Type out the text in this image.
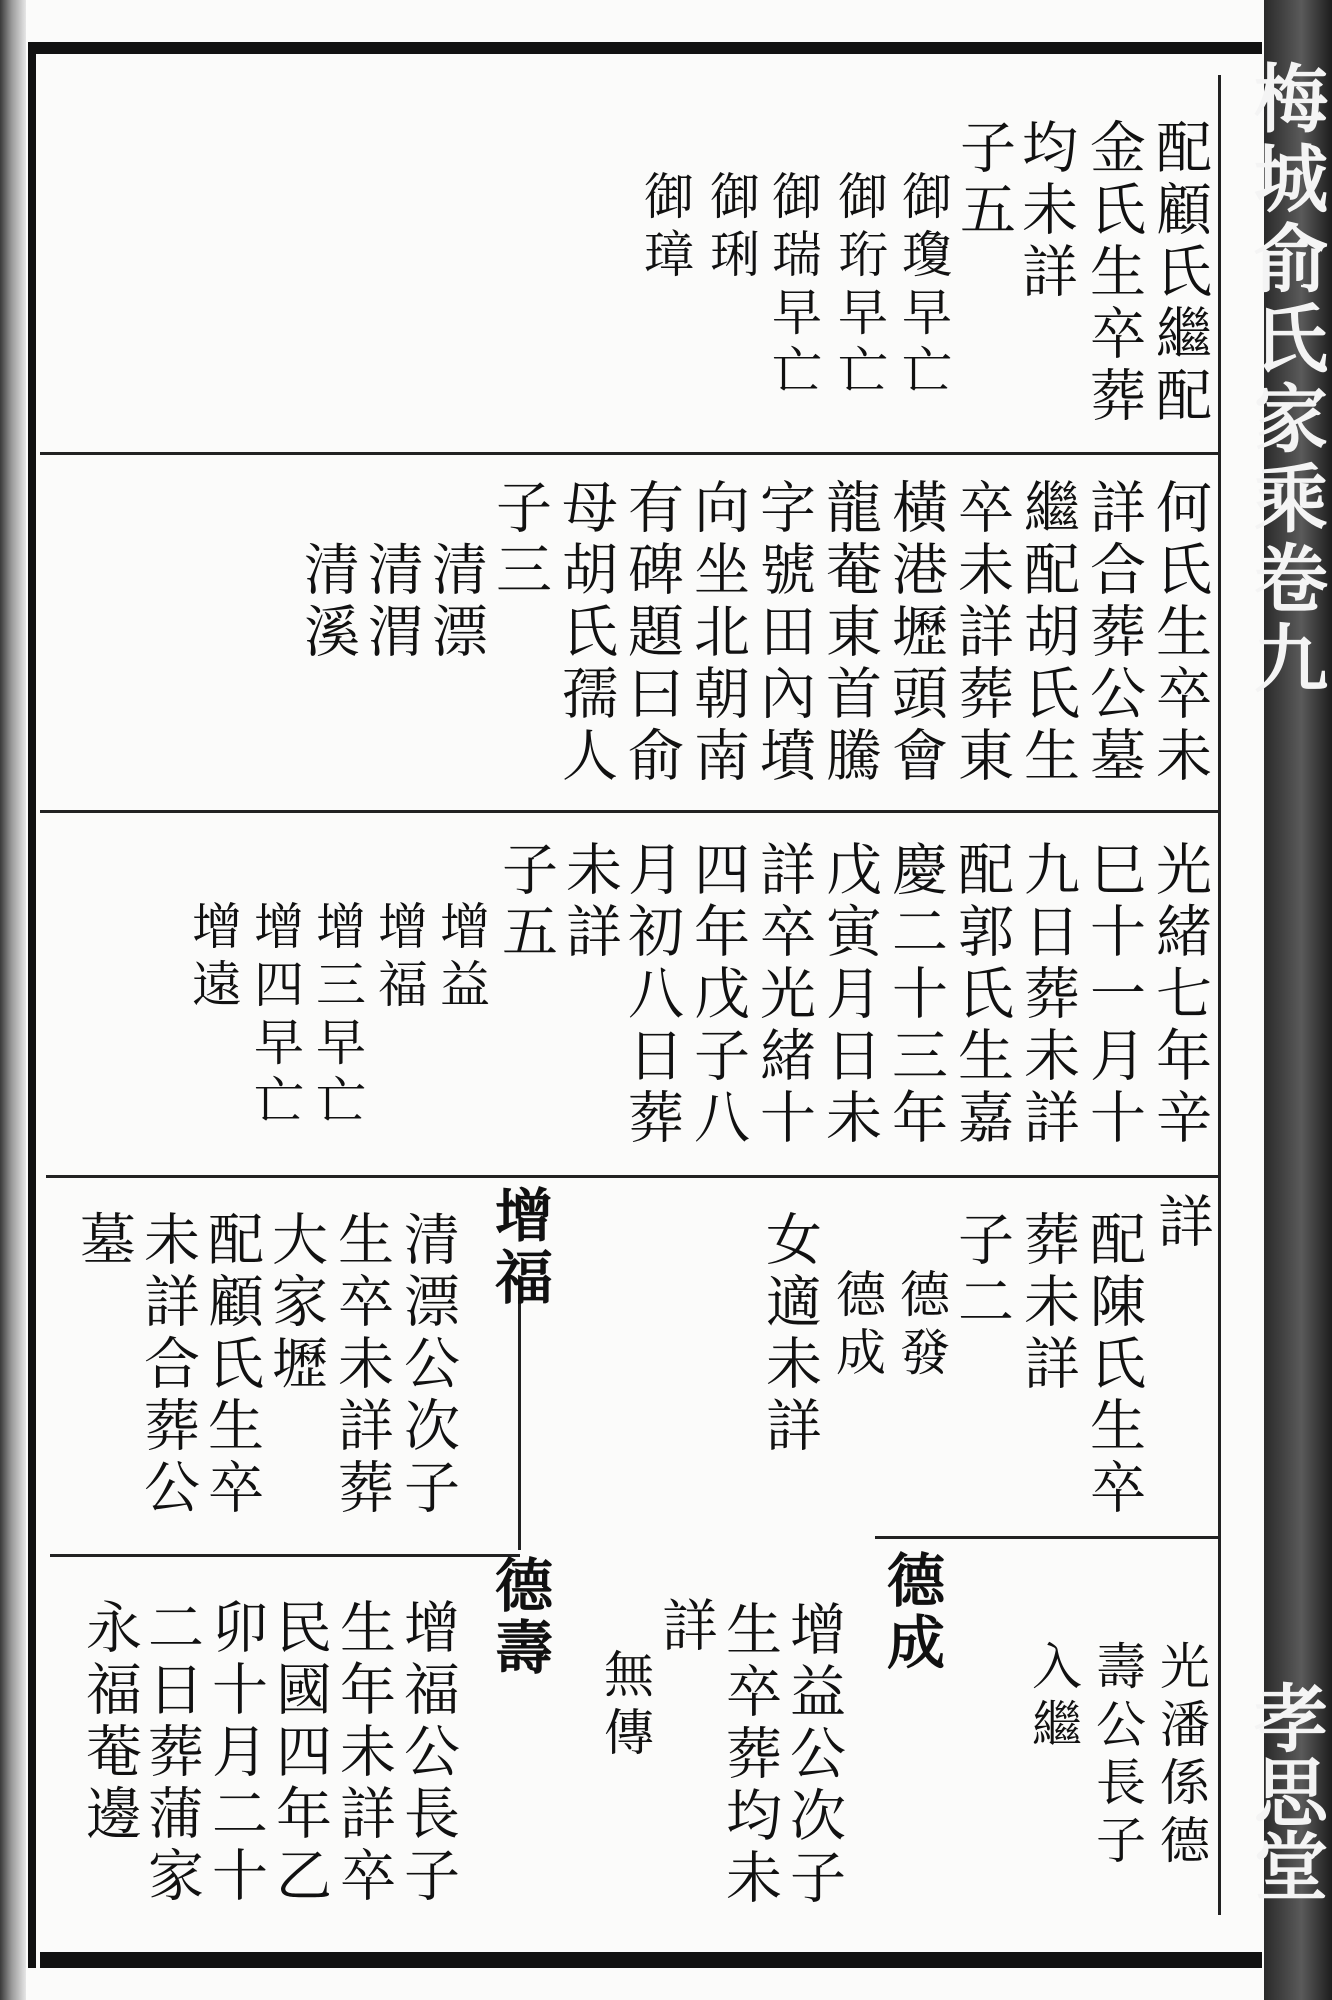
梅城俞氏家乘卷九
孝思堂
配顧氏繼配
金氏生卒葬
均未詳
子五
御瓊早亡
御珩早亡
御瑞早亡
御琍
御璋
何氏生卒未
詳合葬公墓
繼配胡氏生
卒未詳葬東
橫港壢頭會
龍菴東首騰
字號田內墳
向坐北朝南
有碑題曰俞
母胡氏孺人
子三
清漂
清渭
清溪
光緒七年辛
巳十一月十
九日葬未詳
配郭氏生嘉
慶二十三年
戊寅月日未
詳卒光緒十
四年戊子八
月初八日葬
未詳
子五
增益
增福
增三早亡
增四早亡
增遠
詳
配陳氏生卒
葬未詳
子二
德發
德成
女適未詳
增福
清漂公次子
生卒未詳葬
大家壢
配顧氏生卒
未詳合葬公
墓
光潘係德
壽公長子
入繼
德成
增益公次子
生卒葬均未
詳
無傳
德壽
增福公長子
生年未詳卒
民國四年乙
卯十月二十
二日葬蒲家
永福菴邊
